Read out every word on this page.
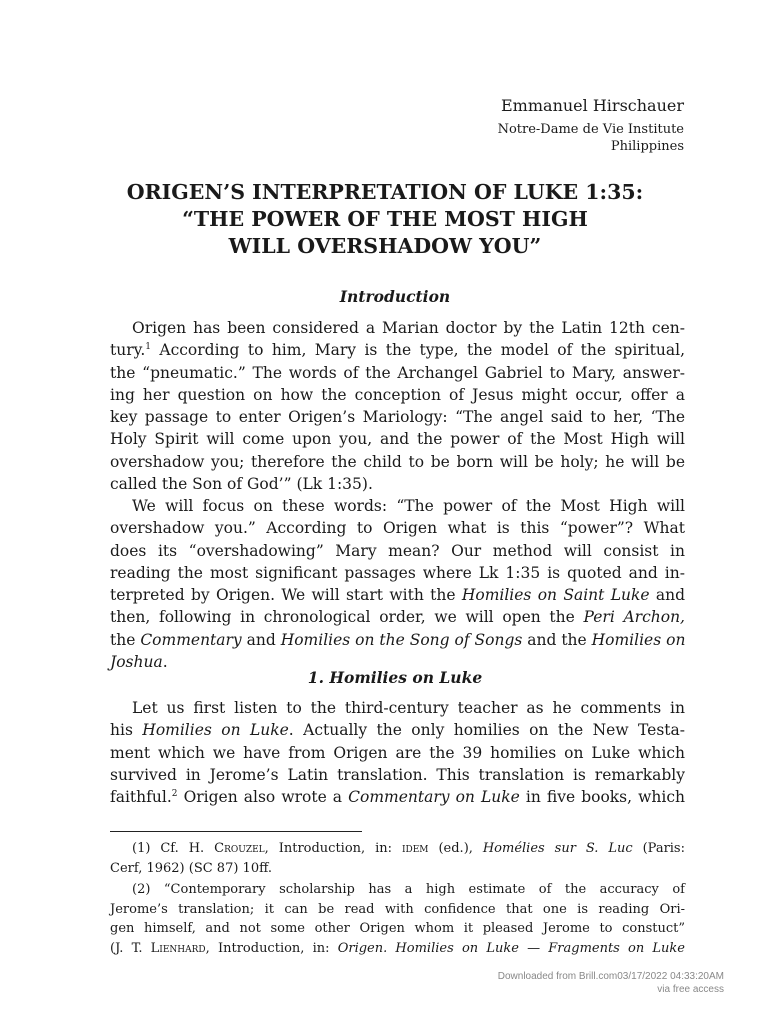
Emmanuel Hirschauer
Notre-Dame de Vie Institute
Philippines
ORIGEN’S INTERPRETATION OF LUKE 1:35:
“THE POWER OF THE MOST HIGH
WILL OVERSHADOW YOU”
Introduction
Origen has been considered a Marian doctor by the Latin 12th cen-
tury.$^1$ According to him, Mary is the type, the model of the spiritual,
the “pneumatic.” The words of the Archangel Gabriel to Mary, answer-
ing her question on how the conception of Jesus might occur, offer a
key passage to enter Origen’s Mariology: “The angel said to her, ‘The
Holy Spirit will come upon you, and the power of the Most High will
overshadow you; therefore the child to be born will be holy; he will be
called the Son of God’” (Lk 1:35).
We will focus on these words: “The power of the Most High will
overshadow you.” According to Origen what is this “power”? What
does its “overshadowing” Mary mean? Our method will consist in
reading the most significant passages where Lk 1:35 is quoted and in-
terpreted by Origen. We will start with the Homilies on Saint Luke and
then, following in chronological order, we will open the Peri Archon,
the Commentary and Homilies on the Song of Songs and the Homilies on
Joshua.
1. Homilies on Luke
Let us first listen to the third-century teacher as he comments in
his Homilies on Luke. Actually the only homilies on the New Testa-
ment which we have from Origen are the 39 homilies on Luke which
survived in Jerome’s Latin translation. This translation is remarkably
faithful.$^2$ Origen also wrote a Commentary on Luke in five books, which
(1) Cf. H. Crouzel, Introduction, in: idem (ed.), Homélies sur S. Luc (Paris:
Cerf, 1962) (SC 87) 10ff.
(2) “Contemporary scholarship has a high estimate of the accuracy of
Jerome’s translation; it can be read with confidence that one is reading Ori-
gen himself, and not some other Origen whom it pleased Jerome to constuct”
(J. T. Lienhard, Introduction, in: Origen. Homilies on Luke — Fragments on Luke
Downloaded from Brill.com03/17/2022 04:33:20AM
via free access
